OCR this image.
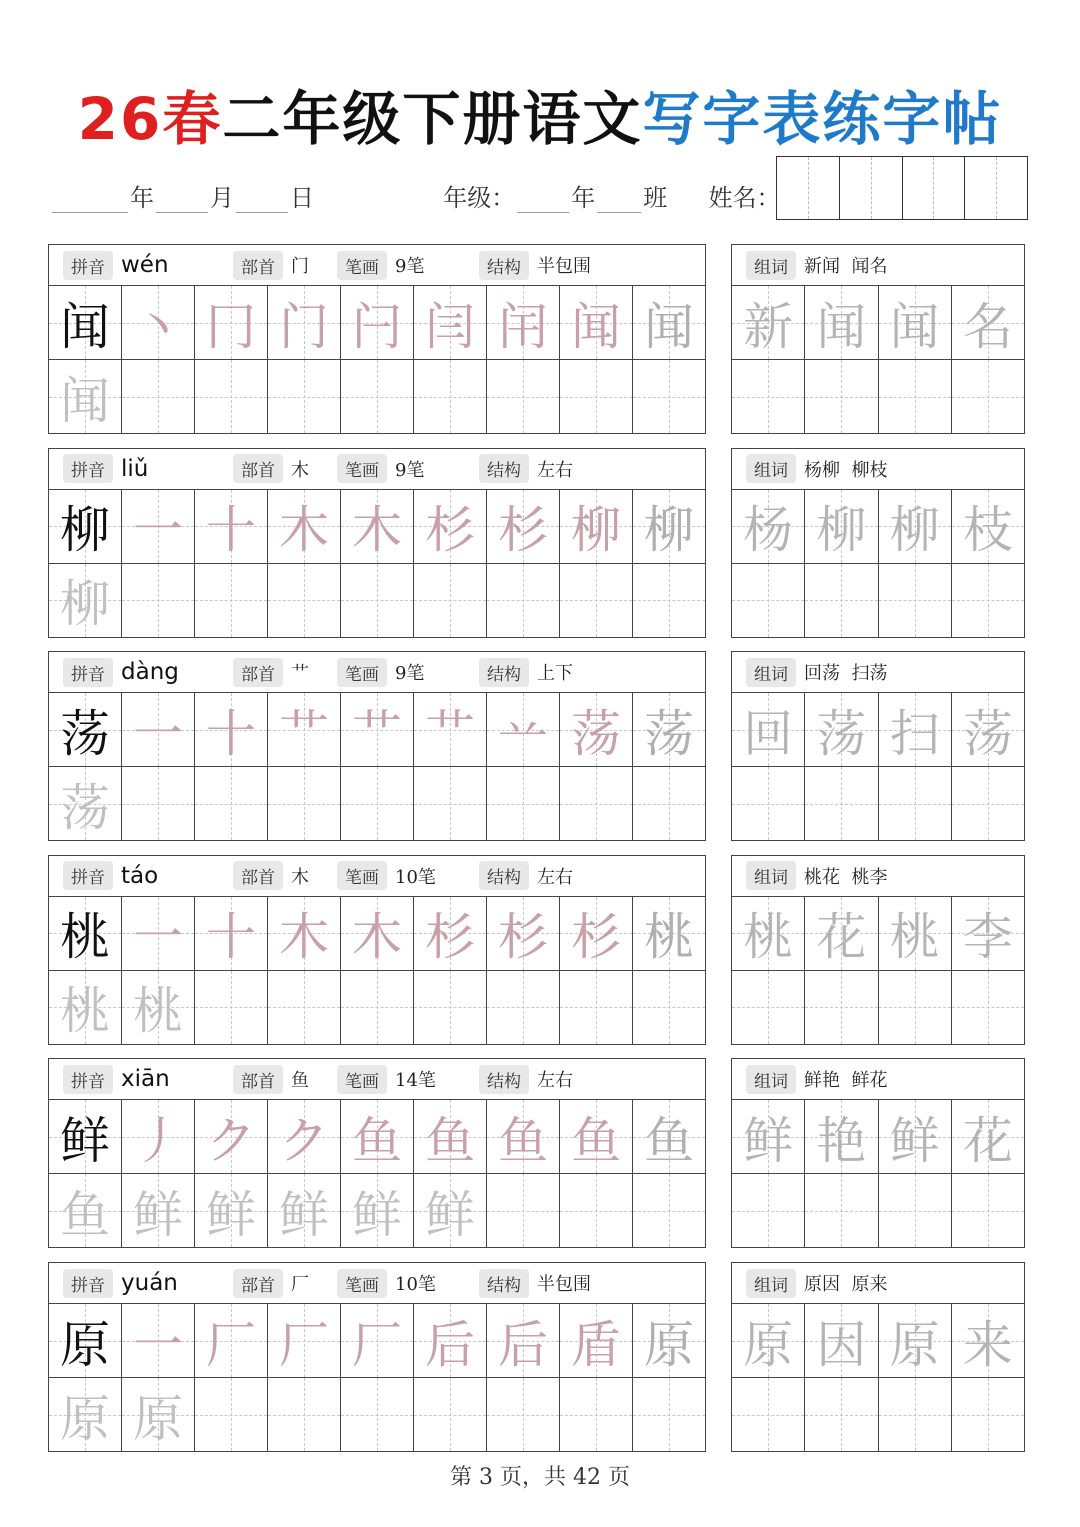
26春二年级下册语文写字表练字帖
年 月 日	年级： 年 班 姓名：
拼音 wén	部首 门	笔画 9笔	结构 半包围
闻 丶 冂 门 闩 闫 闬 闻 闻
闻
组词 新闻  闻名
新 闻 闻 名
拼音 liǔ	部首 木	笔画 9笔	结构 左右
柳 一 十 木 木 杉 杉 柳 柳
柳
组词 杨柳  柳枝
杨 柳 柳 枝
拼音 dàng	部首 艹	笔画 9笔	结构 上下
荡 一 十 艹 艹 艹 䒑 荡 荡
荡
组词 回荡  扫荡
回 荡 扫 荡
拼音 táo	部首 木	笔画 10笔	结构 左右
桃 一 十 木 木 杉 杉 杉 桃
桃 桃
组词 桃花  桃李
桃 花 桃 李
拼音 xiān	部首 鱼	笔画 14笔	结构 左右
鲜 丿 ク ク 鱼 鱼 鱼 鱼 鱼
鱼 鲜 鲜 鲜 鲜 鲜
组词 鲜艳  鲜花
鲜 艳 鲜 花
拼音 yuán	部首 厂	笔画 10笔	结构 半包围
原 一 厂 厂 厂 后 后 盾 原
原 原
组词 原因  原来
原 因 原 来
第 3 页，共 42 页
